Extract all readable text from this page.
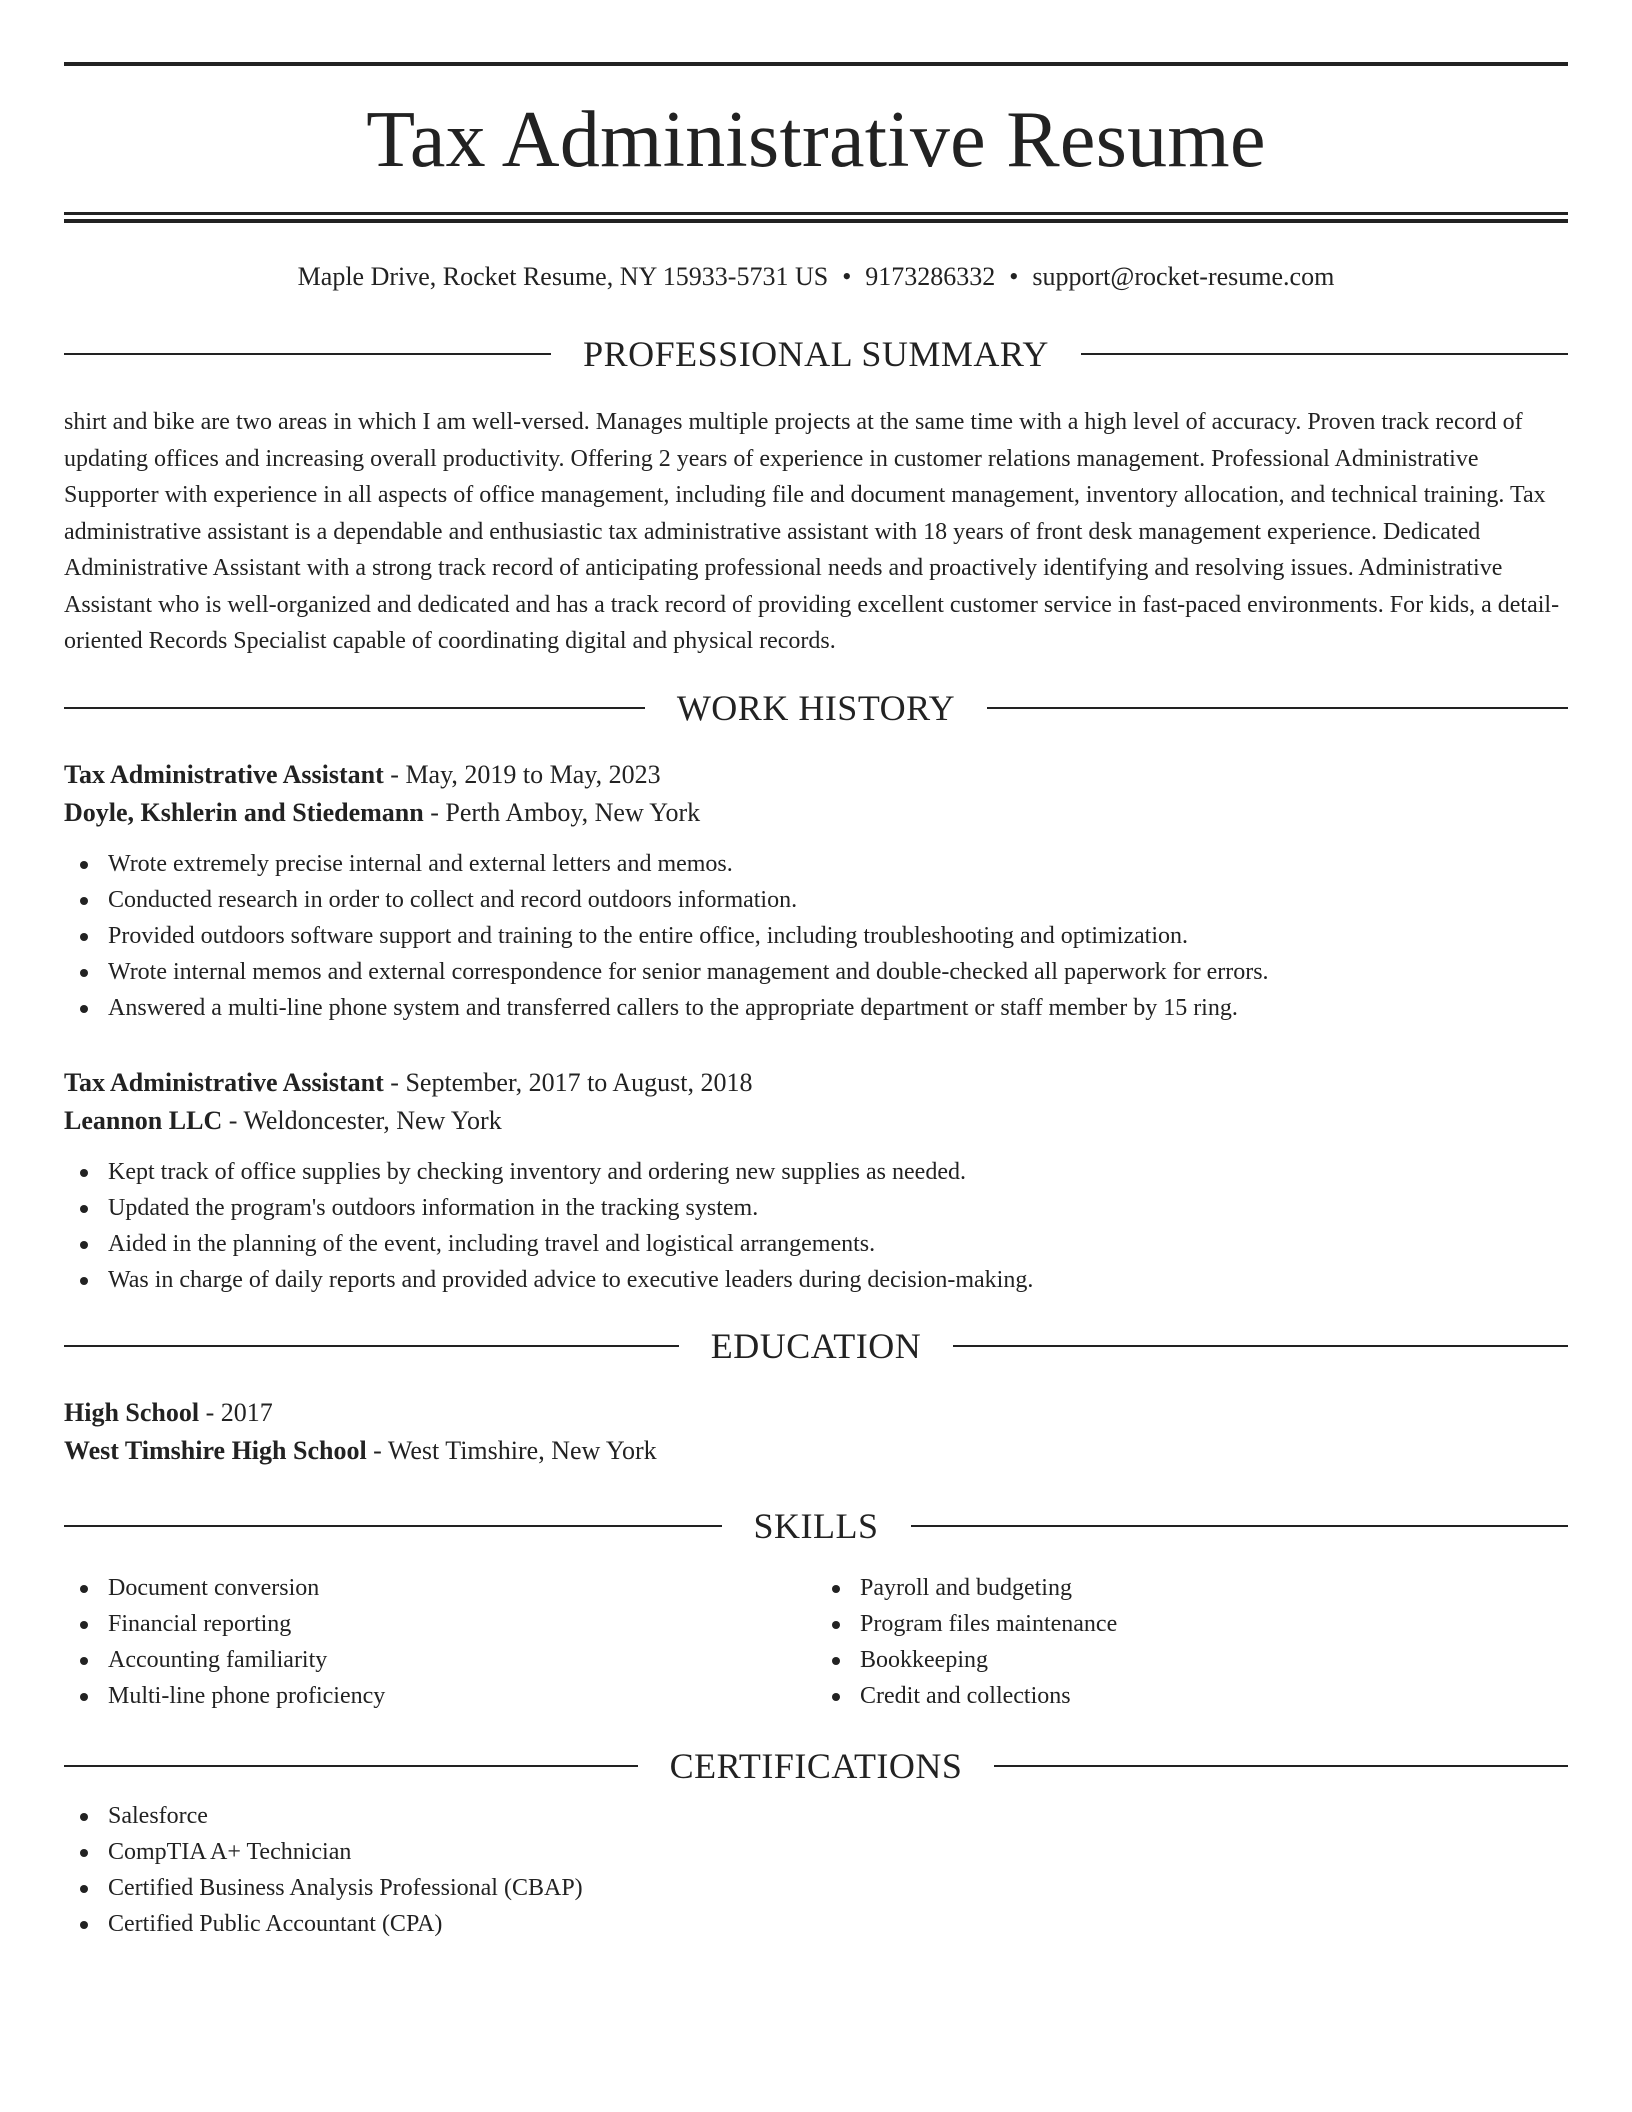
Tax Administrative Resume
Maple Drive, Rocket Resume, NY 15933-5731 US • 9173286332 • support@rocket-resume.com
PROFESSIONAL SUMMARY
shirt and bike are two areas in which I am well-versed. Manages multiple projects at the same time with a high level of accuracy. Proven track record of updating offices and increasing overall productivity. Offering 2 years of experience in customer relations management. Professional Administrative Supporter with experience in all aspects of office management, including file and document management, inventory allocation, and technical training. Tax administrative assistant is a dependable and enthusiastic tax administrative assistant with 18 years of front desk management experience. Dedicated Administrative Assistant with a strong track record of anticipating professional needs and proactively identifying and resolving issues. Administrative Assistant who is well-organized and dedicated and has a track record of providing excellent customer service in fast-paced environments. For kids, a detail-oriented Records Specialist capable of coordinating digital and physical records.
WORK HISTORY
Tax Administrative Assistant - May, 2019 to May, 2023
Doyle, Kshlerin and Stiedemann - Perth Amboy, New York
Wrote extremely precise internal and external letters and memos.
Conducted research in order to collect and record outdoors information.
Provided outdoors software support and training to the entire office, including troubleshooting and optimization.
Wrote internal memos and external correspondence for senior management and double-checked all paperwork for errors.
Answered a multi-line phone system and transferred callers to the appropriate department or staff member by 15 ring.
Tax Administrative Assistant - September, 2017 to August, 2018
Leannon LLC - Weldoncester, New York
Kept track of office supplies by checking inventory and ordering new supplies as needed.
Updated the program's outdoors information in the tracking system.
Aided in the planning of the event, including travel and logistical arrangements.
Was in charge of daily reports and provided advice to executive leaders during decision-making.
EDUCATION
High School - 2017
West Timshire High School - West Timshire, New York
SKILLS
Document conversion
Financial reporting
Accounting familiarity
Multi-line phone proficiency
Payroll and budgeting
Program files maintenance
Bookkeeping
Credit and collections
CERTIFICATIONS
Salesforce
CompTIA A+ Technician
Certified Business Analysis Professional (CBAP)
Certified Public Accountant (CPA)
